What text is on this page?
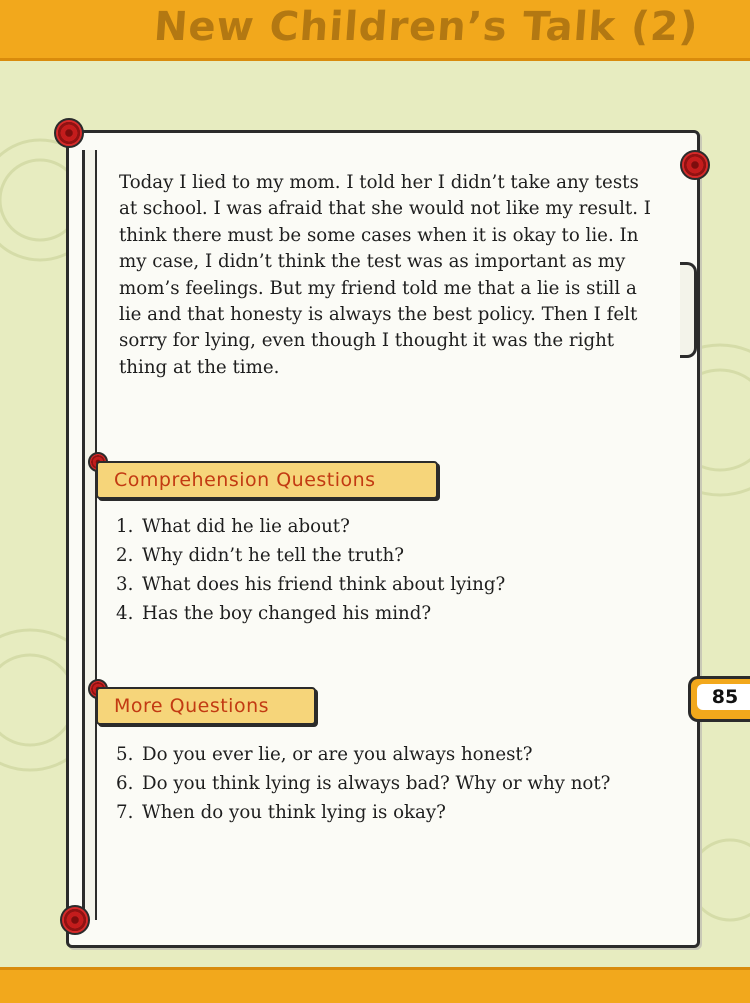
New Children’s Talk (2)

Today I lied to my mom. I told her I didn’t take any tests at school. I was afraid that she would not like my result. I think there must be some cases when it is okay to lie. In my case, I didn’t think the test was as important as my mom’s feelings. But my friend told me that a lie is still a lie and that honesty is always the best policy. Then I felt sorry for lying, even though I thought it was the right thing at the time.

Comprehension Questions
1. What did he lie about?
2. Why didn’t he tell the truth?
3. What does his friend think about lying?
4. Has the boy changed his mind?
More Questions
5. Do you ever lie, or are you always honest?
6. Do you think lying is always bad? Why or why not?
7. When do you think lying is okay?
85
